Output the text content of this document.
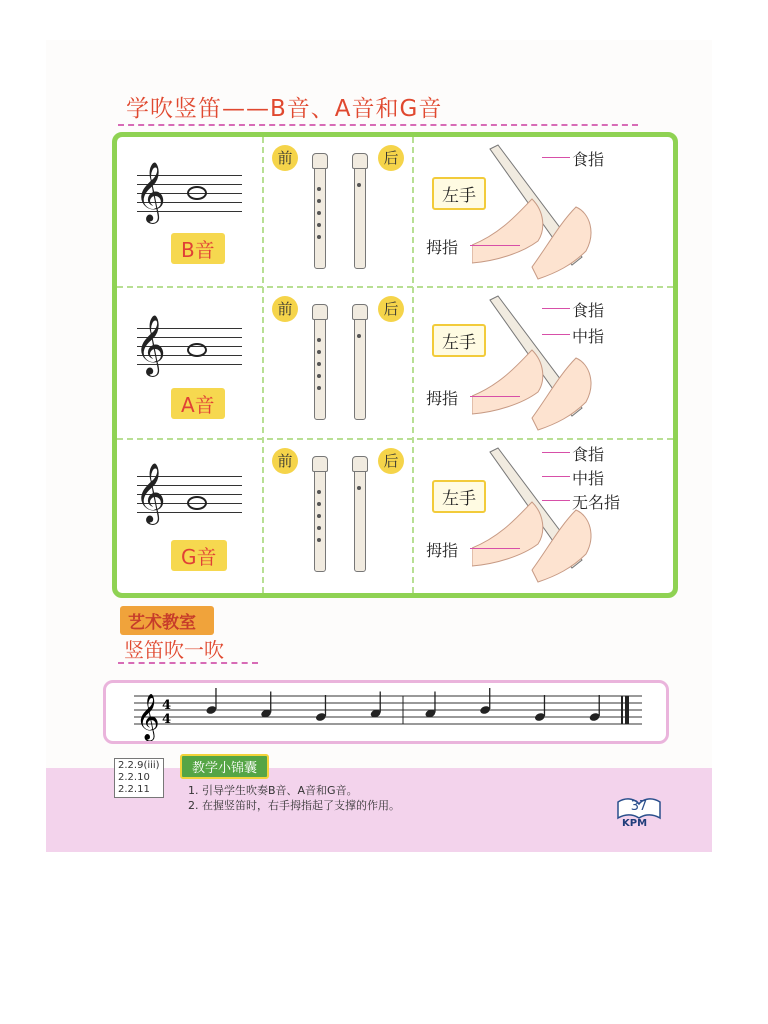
学吹竖笛——B音、A音和G音
𝄞
B音
前	后
左手
食指
拇指
𝄞
A音
前	后
左手
食指
中指
拇指
𝄞
G音
前	后
左手
食指
中指
无名指
拇指
艺术教室
竖笛吹一吹
𝄞 4
4
2.2.9(iii)
2.2.10
2.2.11
教学小锦囊
1. 引导学生吹奏B音、A音和G音。
2. 在握竖笛时，右手拇指起了支撑的作用。	37
KPM
